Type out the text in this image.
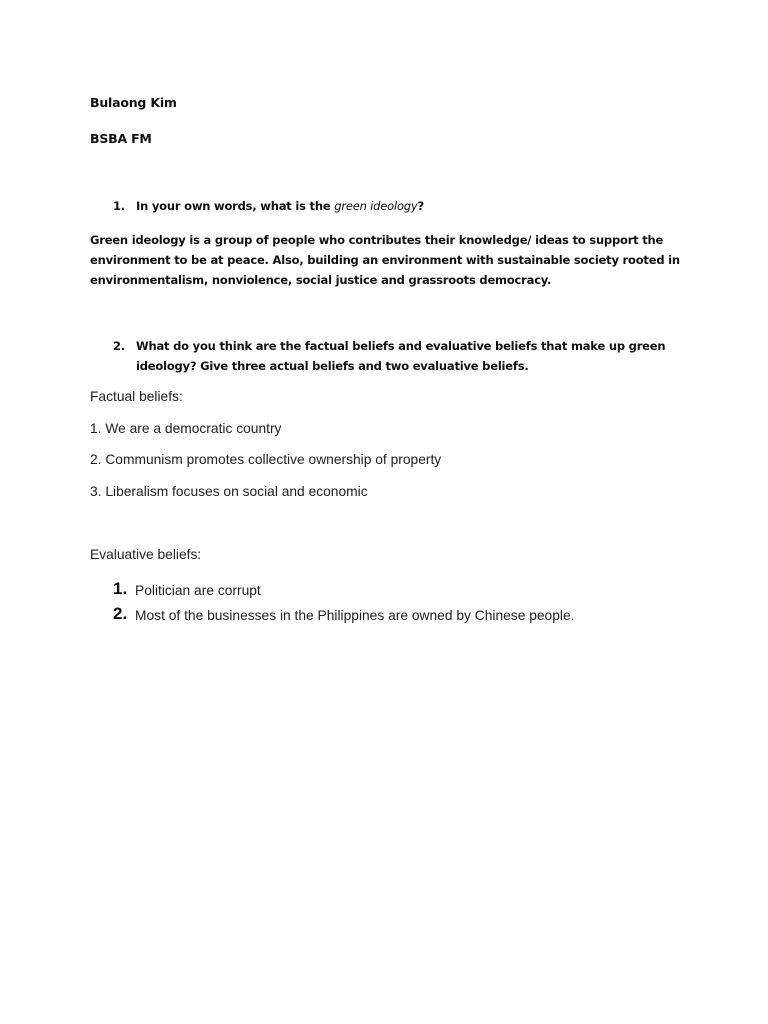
Bulaong Kim
BSBA FM
1. In your own words, what is the green ideology?
Green ideology is a group of people who contributes their knowledge/ ideas to support the environment to be at peace. Also, building an environment with sustainable society rooted in environmentalism, nonviolence, social justice and grassroots democracy.
2. What do you think are the factual beliefs and evaluative beliefs that make up green ideology? Give three actual beliefs and two evaluative beliefs.
Factual beliefs:
1. We are a democratic country
2. Communism promotes collective ownership of property
3. Liberalism focuses on social and economic
Evaluative beliefs:
1. Politician are corrupt
2. Most of the businesses in the Philippines are owned by Chinese people.
